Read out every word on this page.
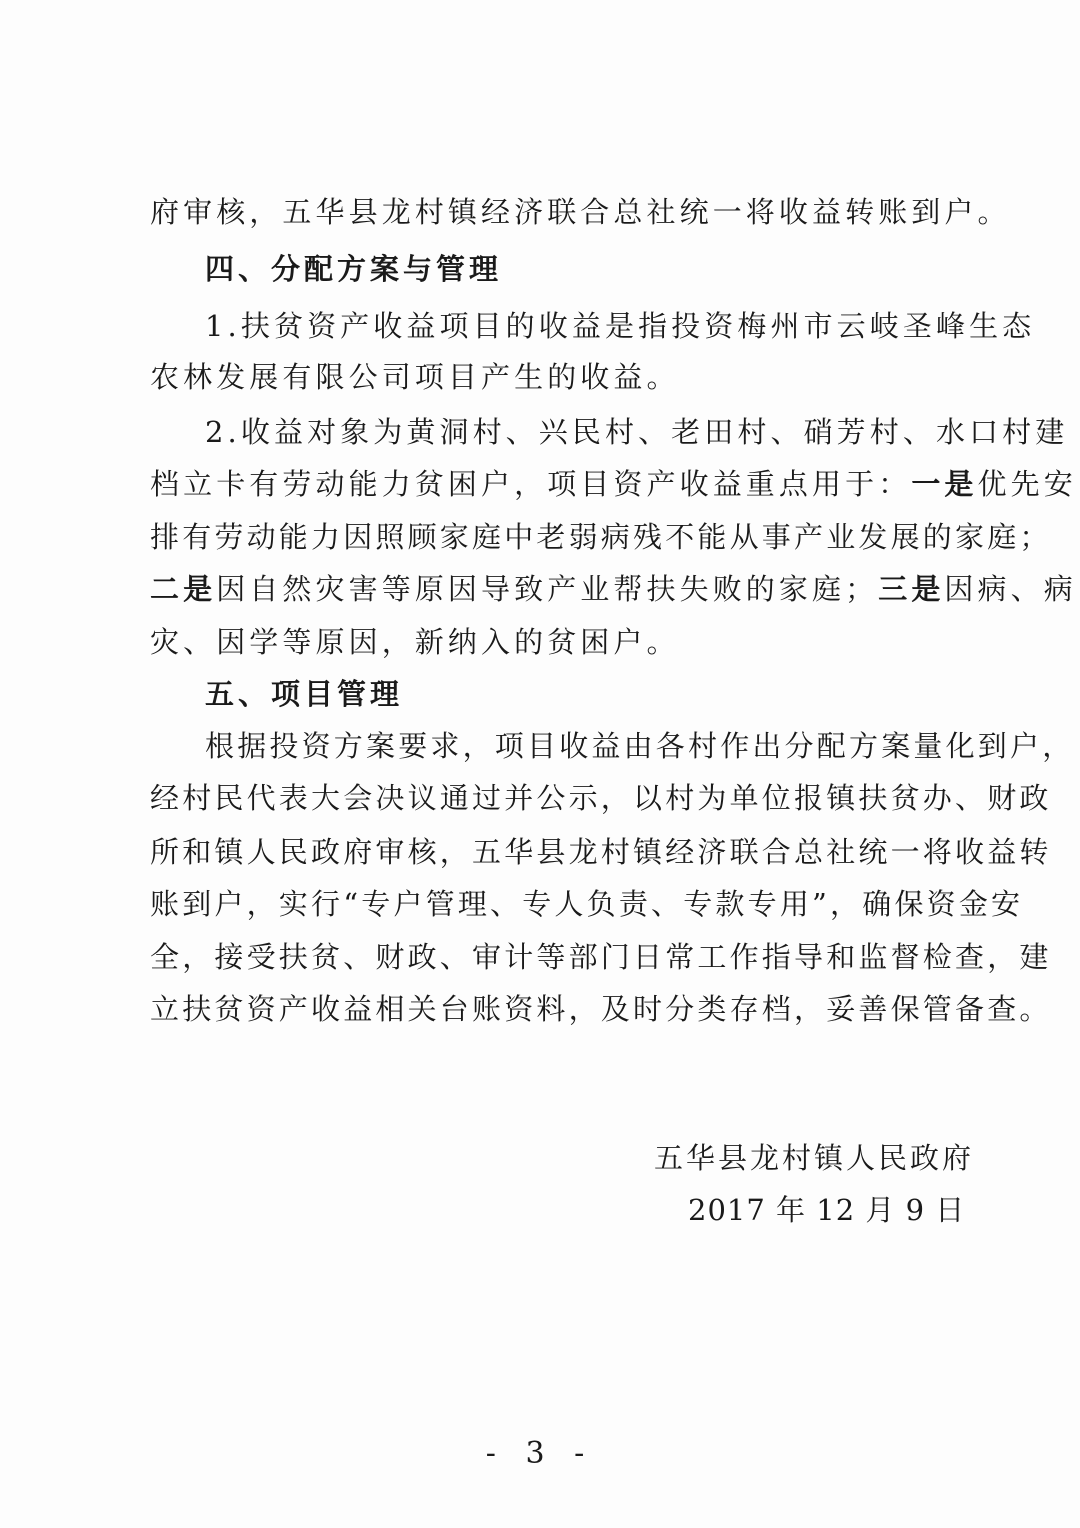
府审核，五华县龙村镇经济联合总社统一将收益转账到户。
四、分配方案与管理
1.扶贫资产收益项目的收益是指投资梅州市云岐圣峰生态
农林发展有限公司项目产生的收益。
2.收益对象为黄洞村、兴民村、老田村、硝芳村、水口村建
档立卡有劳动能力贫困户，项目资产收益重点用于：一是优先安
排有劳动能力因照顾家庭中老弱病残不能从事产业发展的家庭；
二是因自然灾害等原因导致产业帮扶失败的家庭；三是因病、病
灾、因学等原因，新纳入的贫困户。
五、项目管理
根据投资方案要求，项目收益由各村作出分配方案量化到户，
经村民代表大会决议通过并公示，以村为单位报镇扶贫办、财政
所和镇人民政府审核，五华县龙村镇经济联合总社统一将收益转
账到户，实行“专户管理、专人负责、专款专用”，确保资金安
全，接受扶贫、财政、审计等部门日常工作指导和监督检查，建
立扶贫资产收益相关台账资料，及时分类存档，妥善保管备查。
五华县龙村镇人民政府
2017 年 12 月 9 日
- 3 -
